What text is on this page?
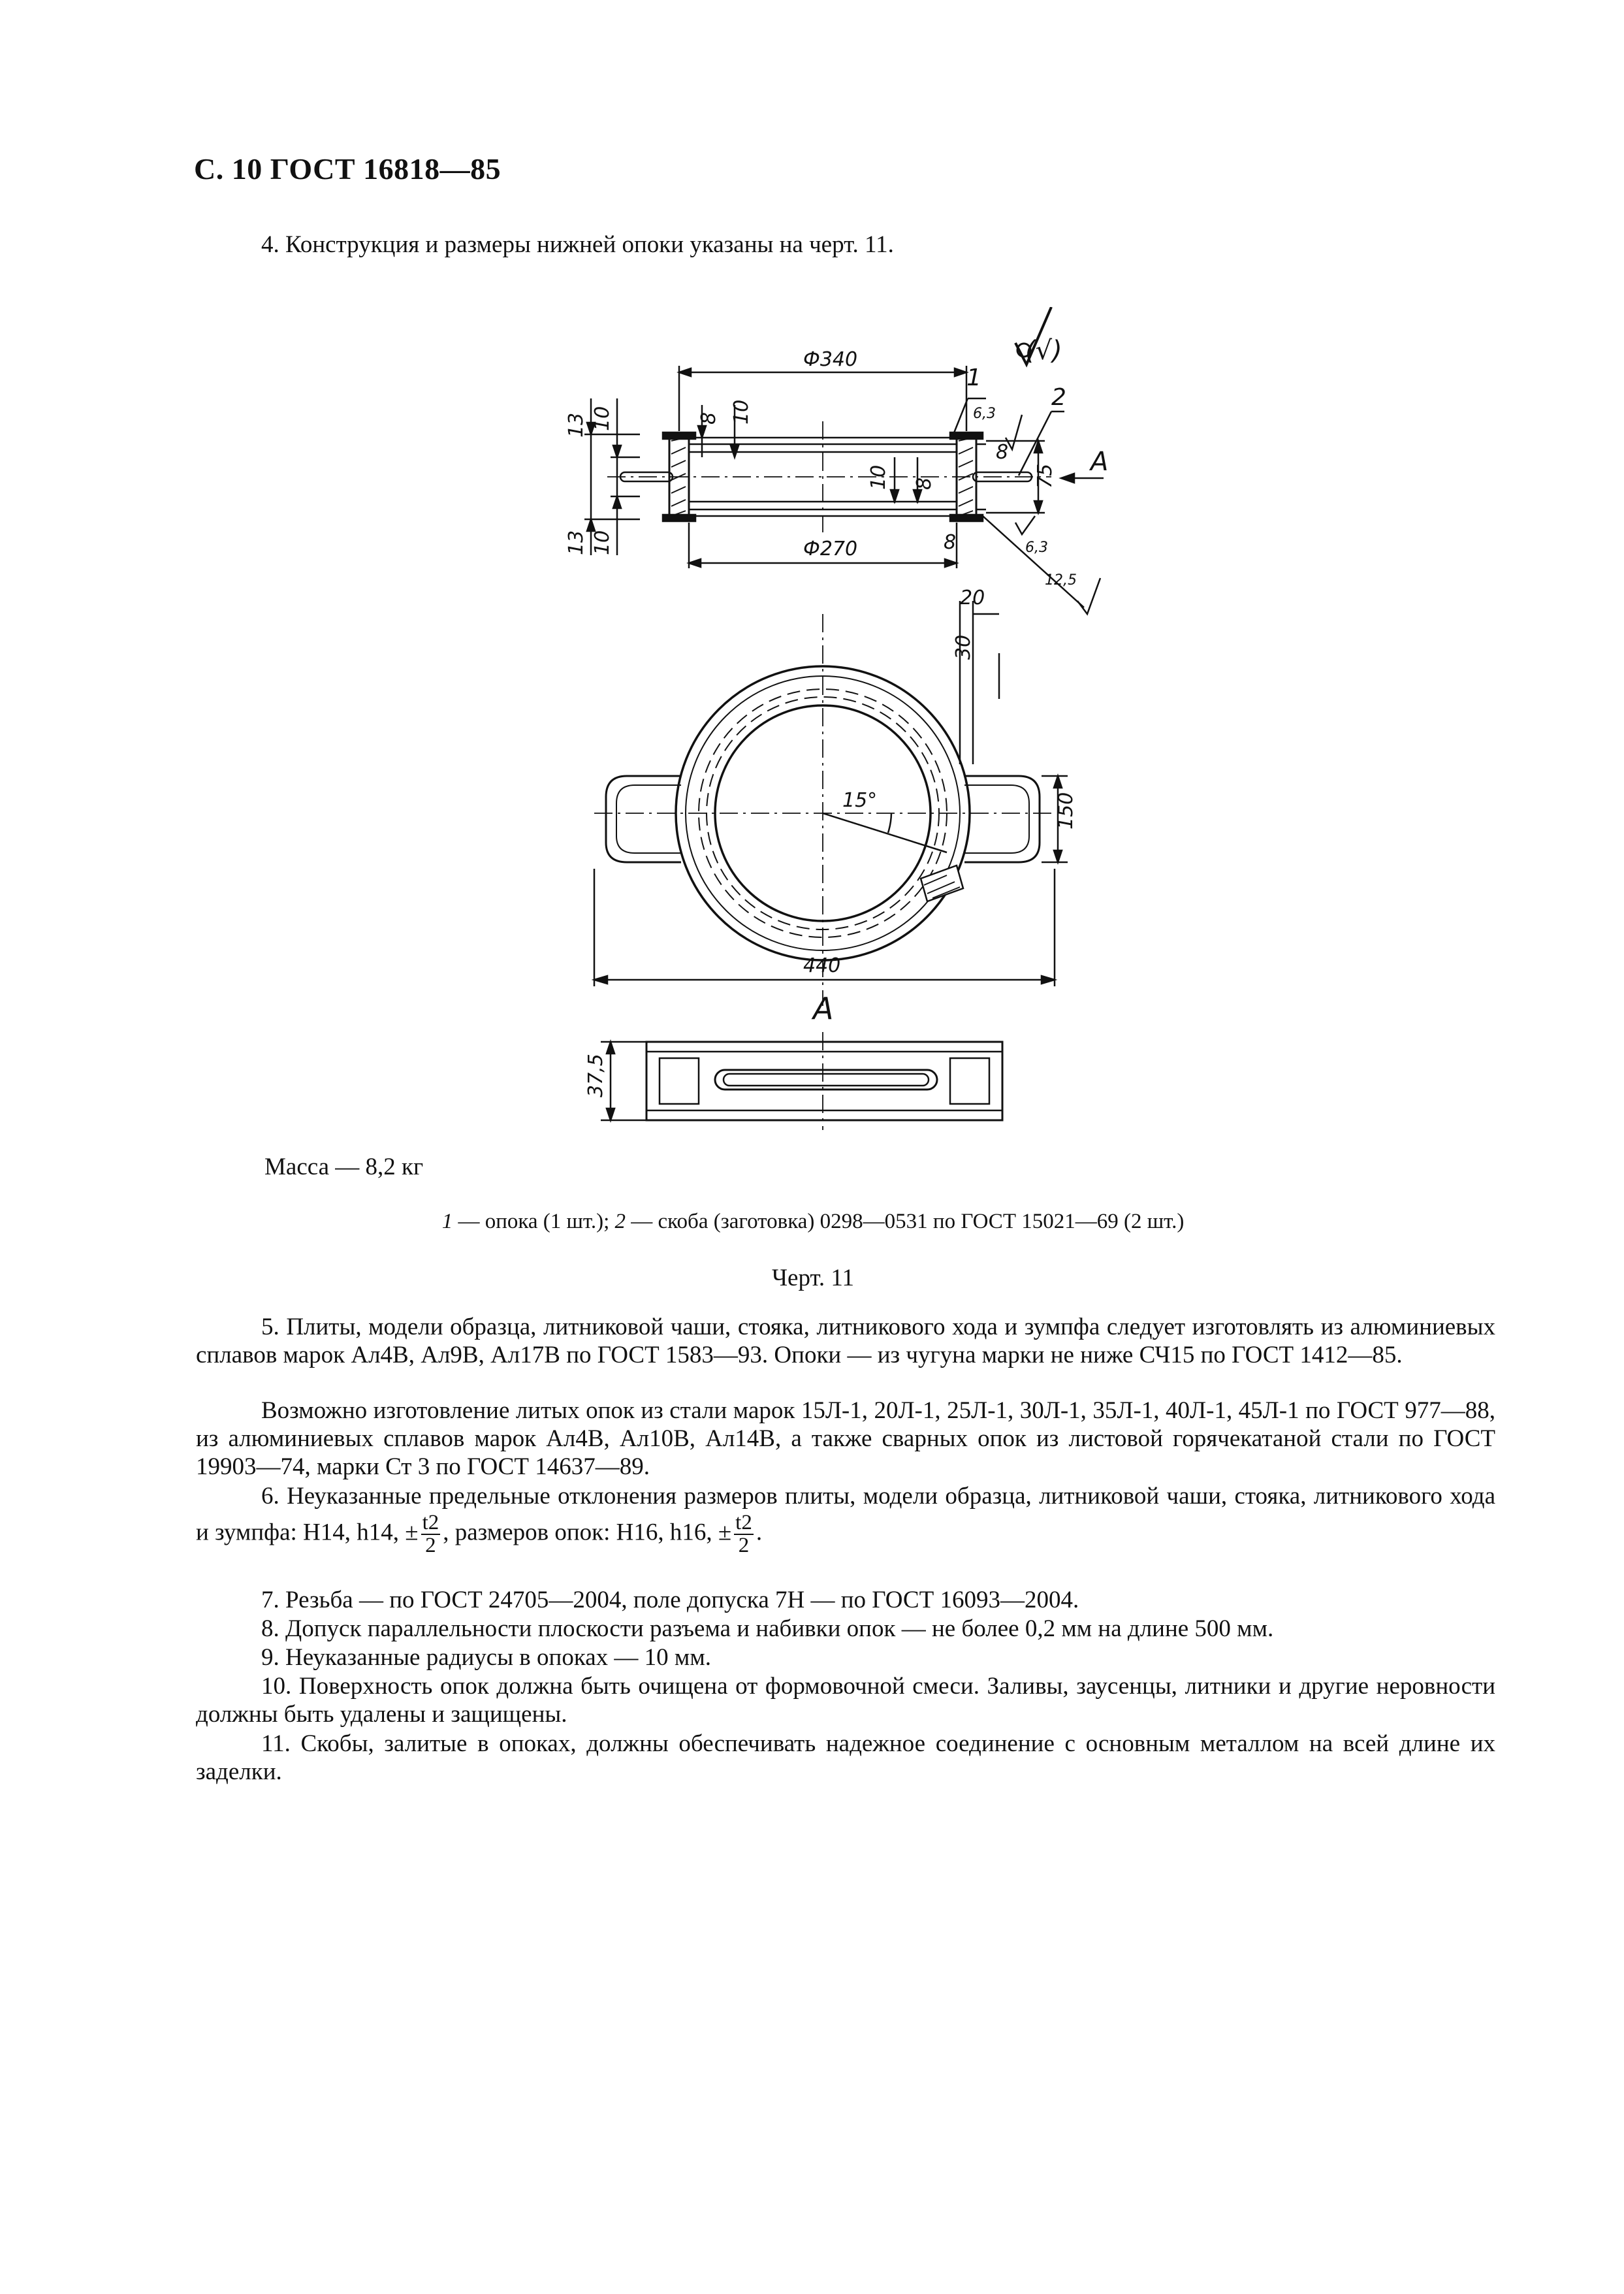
С. 10 ГОСТ 16818—85
4. Конструкция и размеры нижней опоки указаны на черт. 11.
(√)
Ф340
Ф270
440
150
75
13
13
10
10
10
10
8
8
8
8
20
30
37,5
15°
6,3
6,3
12,5
1
2
A
A
Масса — 8,2 кг
1 — опока (1 шт.); 2 — скоба (заготовка) 0298—0531 по ГОСТ 15021—69 (2 шт.)
Черт. 11
5. Плиты, модели образца, литниковой чаши, стояка, литникового хода и зумпфа следует изготовлять из алюминиевых сплавов марок Ал4В, Ал9В, Ал17В по ГОСТ 1583—93. Опоки — из чугуна марки не ниже СЧ15 по ГОСТ 1412—85.
Возможно изготовление литых опок из стали марок 15Л-1, 20Л-1, 25Л-1, 30Л-1, 35Л-1, 40Л-1, 45Л-1 по ГОСТ 977—88, из алюминиевых сплавов марок Ал4В, Ал10В, Ал14В, а также сварных опок из листовой горячекатаной стали по ГОСТ 19903—74, марки Ст 3 по ГОСТ 14637—89.
6. Неуказанные предельные отклонения размеров плиты, модели образца, литниковой чаши, стояка, литникового хода и зумпфа: H14, h14, ± $\frac{t2}{2}$ , размеров опок: H16, h16, ± $\frac{t2}{2}$ .
7. Резьба — по ГОСТ 24705—2004, поле допуска 7Н — по ГОСТ 16093—2004.
8. Допуск параллельности плоскости разъема и набивки опок — не более 0,2 мм на длине 500 мм.
9. Неуказанные радиусы в опоках — 10 мм.
10. Поверхность опок должна быть очищена от формовочной смеси. Заливы, заусенцы, литники и другие неровности должны быть удалены и защищены.
11. Скобы, залитые в опоках, должны обеспечивать надежное соединение с основным металлом на всей длине их заделки.
